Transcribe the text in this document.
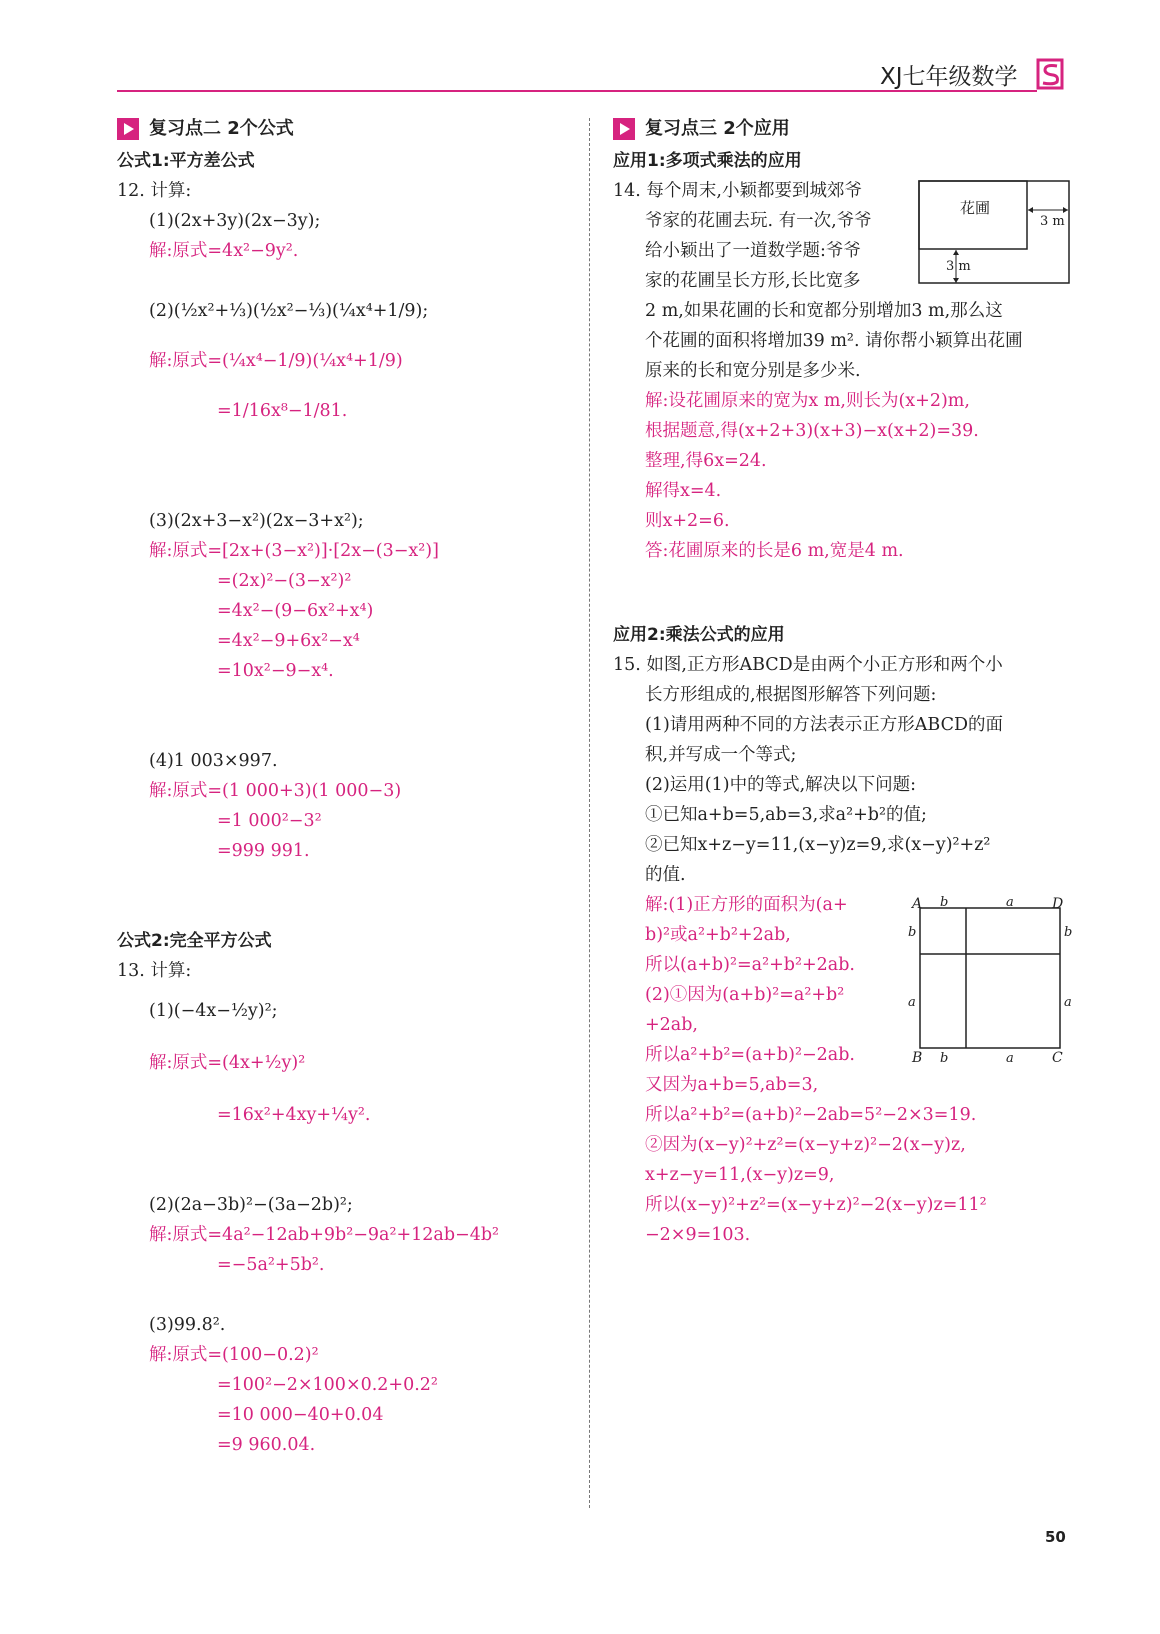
XJ七年级数学
复习点二 2个公式
公式1:平方差公式
12. 计算:
(1)(2x+3y)(2x−3y);
解:原式=4x²−9y².
(2)(½x²+⅓)(½x²−⅓)(¼x⁴+1/9);
解:原式=(¼x⁴−1/9)(¼x⁴+1/9)
=1/16x⁸−1/81.
(3)(2x+3−x²)(2x−3+x²);
解:原式=[2x+(3−x²)]·[2x−(3−x²)]
=(2x)²−(3−x²)²
=4x²−(9−6x²+x⁴)
=4x²−9+6x²−x⁴
=10x²−9−x⁴.
(4)1 003×997.
解:原式=(1 000+3)(1 000−3)
=1 000²−3²
=999 991.
公式2:完全平方公式
13. 计算:
(1)(−4x−½y)²;
解:原式=(4x+½y)²
=16x²+4xy+¼y².
(2)(2a−3b)²−(3a−2b)²;
解:原式=4a²−12ab+9b²−9a²+12ab−4b²
=−5a²+5b².
(3)99.8².
解:原式=(100−0.2)²
=100²−2×100×0.2+0.2²
=10 000−40+0.04
=9 960.04.
复习点三 2个应用
应用1:多项式乘法的应用
14. 每个周末,小颖都要到城郊爷
爷家的花圃去玩. 有一次,爷爷
给小颖出了一道数学题:爷爷
家的花圃呈长方形,长比宽多
2 m,如果花圃的长和宽都分别增加3 m,那么这
个花圃的面积将增加39 m². 请你帮小颖算出花圃
原来的长和宽分别是多少米.
解:设花圃原来的宽为x m,则长为(x+2)m,
根据题意,得(x+2+3)(x+3)−x(x+2)=39.
整理,得6x=24.
解得x=4.
则x+2=6.
答:花圃原来的长是6 m,宽是4 m.
应用2:乘法公式的应用
15. 如图,正方形ABCD是由两个小正方形和两个小
长方形组成的,根据图形解答下列问题:
(1)请用两种不同的方法表示正方形ABCD的面
积,并写成一个等式;
(2)运用(1)中的等式,解决以下问题:
①已知a+b=5,ab=3,求a²+b²的值;
②已知x+z−y=11,(x−y)z=9,求(x−y)²+z²
的值.
解:(1)正方形的面积为(a+
b)²或a²+b²+2ab,
所以(a+b)²=a²+b²+2ab.
(2)①因为(a+b)²=a²+b²
+2ab,
所以a²+b²=(a+b)²−2ab.
又因为a+b=5,ab=3,
所以a²+b²=(a+b)²−2ab=5²−2×3=19.
②因为(x−y)²+z²=(x−y+z)²−2(x−y)z,
x+z−y=11,(x−y)z=9,
所以(x−y)²+z²=(x−y+z)²−2(x−y)z=11²
−2×9=103.
花圃
3 m
3 m
A	D
B	C
b	a
b	b
a	a
b	a
50
